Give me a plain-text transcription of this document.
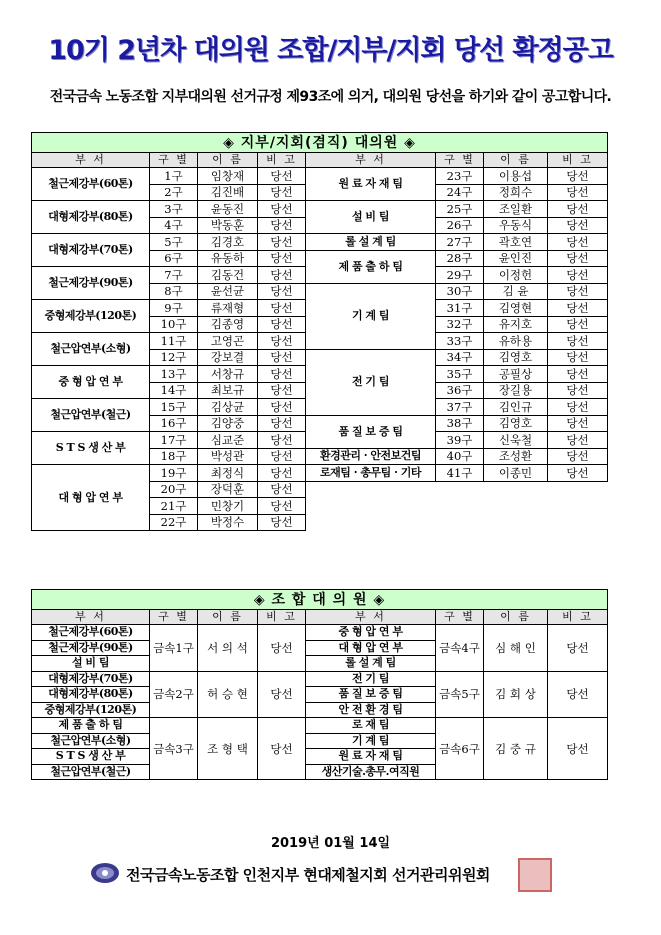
10기 2년차 대의원 조합/지부/지회 당선 확정공고
전국금속 노동조합 지부대의원 선거규정 제93조에 의거, 대의원 당선을 하기와 같이 공고합니다.
◈ 지부/지회(겸직) 대의원 ◈							
부 서	구 별	이 름	비 고	부 서	구 별	이 름	비 고
철근제강부(60톤)	1구	임창재	당선	원 료 자 재 팀	23구	이용섭	당선
	2구	김진배	당선		24구	정희수	당선
대형제강부(80톤)	3구	윤동진	당선	설 비 팀	25구	조일환	당선
	4구	박동훈	당선		26구	우동식	당선
대형제강부(70톤)	5구	김경호	당선	롤 설 계 팀	27구	곽호연	당선
	6구	유동하	당선	제 품 출 하 팀	28구	윤인진	당선
철근제강부(90톤)	7구	김동건	당선		29구	이정헌	당선
	8구	윤선균	당선	기 계 팀	30구	김 윤	당선
중형제강부(120톤)	9구	류재형	당선		31구	김영현	당선
	10구	김종영	당선		32구	유지호	당선
철근압연부(소형)	11구	고영곤	당선		33구	유하용	당선
	12구	강보결	당선	전 기 팀	34구	김영호	당선
중 형 압 연 부	13구	서창규	당선		35구	공필상	당선
	14구	최보규	당선		36구	장길용	당선
철근압연부(철근)	15구	김상균	당선		37구	김인규	당선
	16구	김양중	당선	품 질 보 증 팀	38구	김영호	당선
S T S 생 산 부	17구	심교준	당선		39구	신욱철	당선
	18구	박성관	당선	환경관리 · 안전보건팀	40구	조성환	당선
대 형 압 연 부	19구	최정식	당선	로재팀 · 총무팀 · 기타	41구	이종민	당선
	20구	장덕훈	당선				
	21구	민창기	당선				
	22구	박정수	당선				
◈ 조 합 대 의 원 ◈							
부 서	구 별	이 름	비 고	부 서	구 별	이 름	비 고
철근제강부(60톤)	금속1구	서 의 석	당선	중 형 압 연 부	금속4구	심 해 인	당선
철근제강부(90톤)				대 형 압 연 부			
설 비 팀				롤 설 계 팀			
대형제강부(70톤)	금속2구	허 승 현	당선	전 기 팀	금속5구	김 회 상	당선
대형제강부(80톤)				품 질 보 증 팀			
중형제강부(120톤)				안 전 환 경 팀			
제 품 출 하 팀	금속3구	조 형 택	당선	로 재 팀	금속6구	김 중 규	당선
철근압연부(소형)				기 계 팀			
S T S 생 산 부				원 료 자 재 팀			
철근압연부(철근)				생산기술.총무.여직원			
2019년 01월 14일
전국금속노동조합 인천지부 현대제철지회 선거관리위원회
